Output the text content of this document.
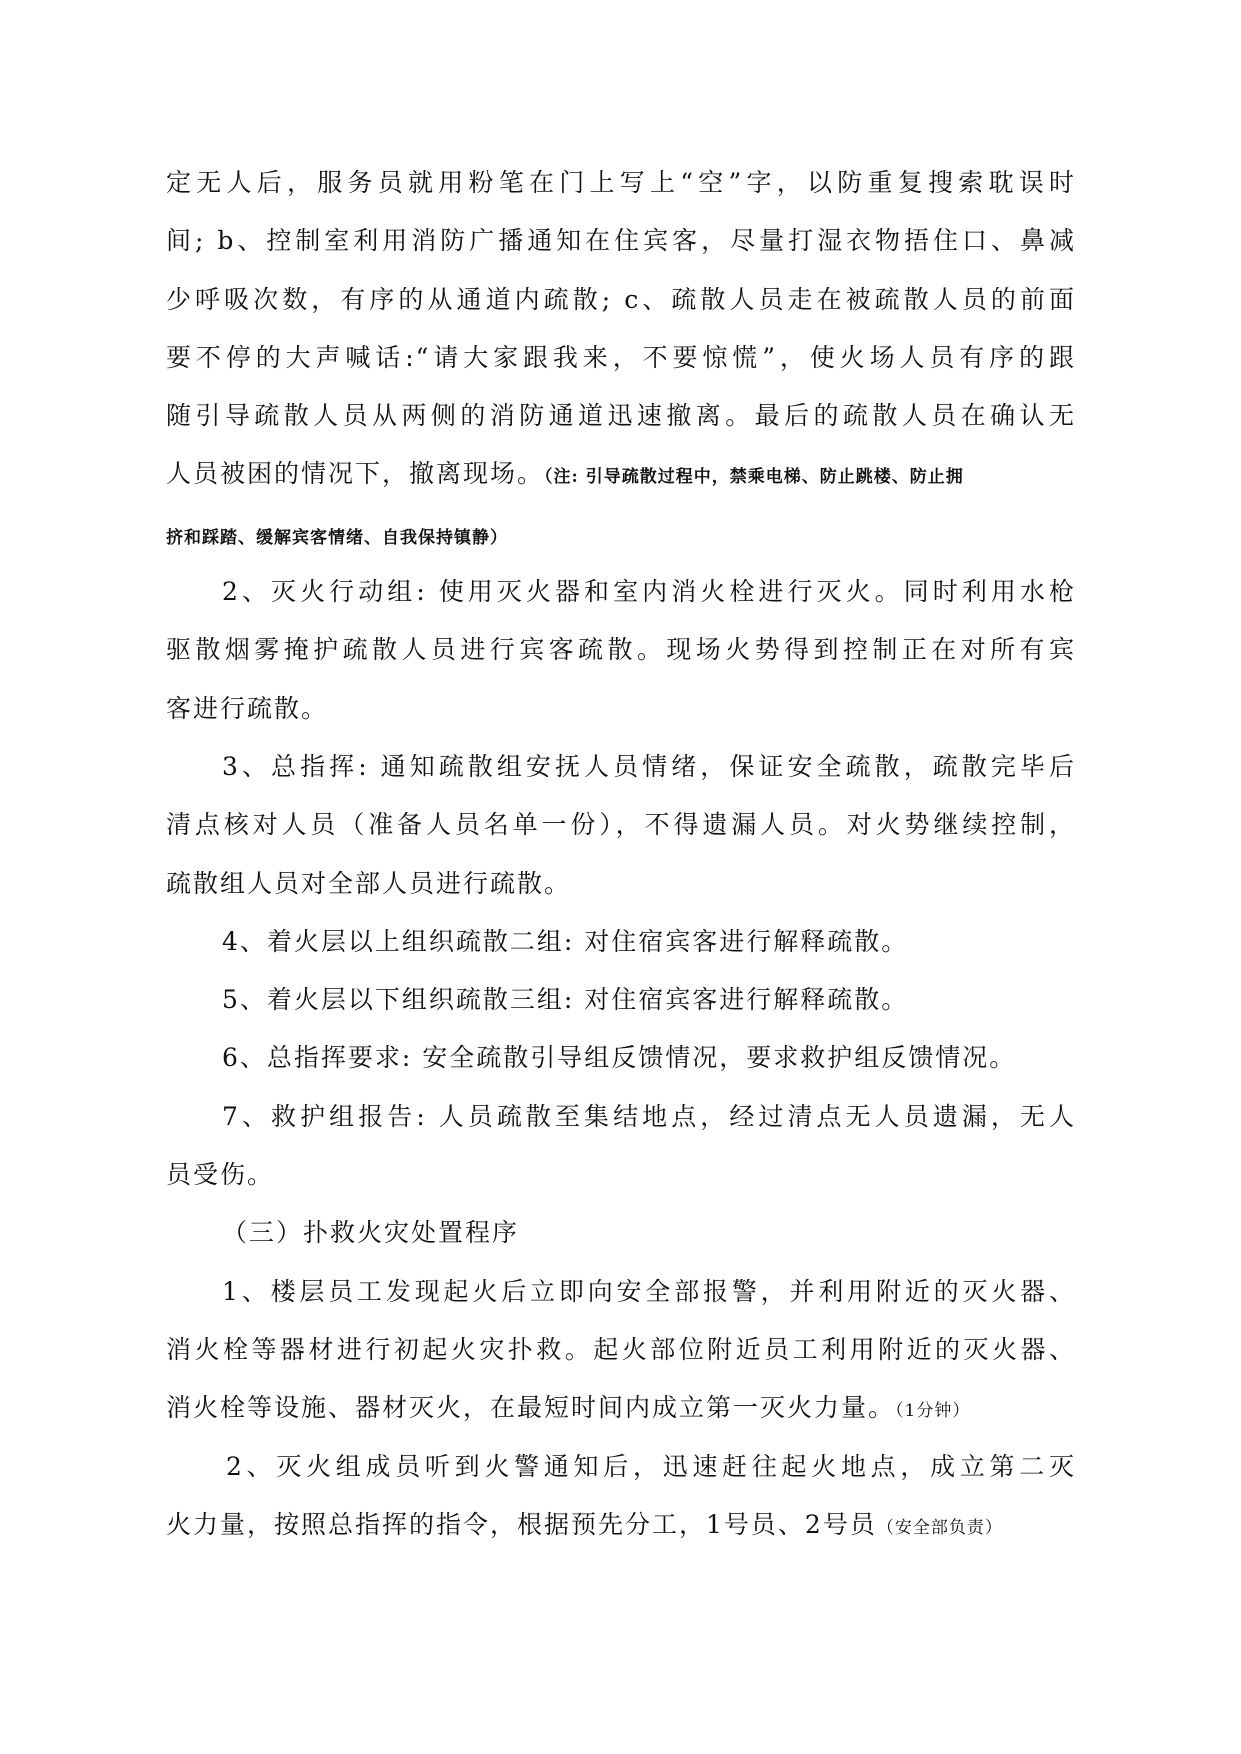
定无人后，服务员就用粉笔在门上写上“空”字，以防重复搜索耽误时
间; b、控制室利用消防广播通知在住宾客，尽量打湿衣物捂住口、鼻减
少呼吸次数，有序的从通道内疏散; c、疏散人员走在被疏散人员的前面
要不停的大声喊话:“请大家跟我来，不要惊慌”，使火场人员有序的跟
随引导疏散人员从两侧的消防通道迅速撤离。最后的疏散人员在确认无
人员被困的情况下，撤离现场。（注: 引导疏散过程中，禁乘电梯、防止跳楼、防止拥
挤和踩踏、缓解宾客情绪、自我保持镇静）
2、灭火行动组: 使用灭火器和室内消火栓进行灭火。同时利用水枪
驱散烟雾掩护疏散人员进行宾客疏散。现场火势得到控制正在对所有宾
客进行疏散。
3、总指挥: 通知疏散组安抚人员情绪，保证安全疏散，疏散完毕后
清点核对人员（准备人员名单一份），不得遗漏人员。对火势继续控制，
疏散组人员对全部人员进行疏散。
4、着火层以上组织疏散二组: 对住宿宾客进行解释疏散。
5、着火层以下组织疏散三组: 对住宿宾客进行解释疏散。
6、总指挥要求: 安全疏散引导组反馈情况，要求救护组反馈情况。
7、救护组报告: 人员疏散至集结地点，经过清点无人员遗漏，无人
员受伤。
（三）扑救火灾处置程序
1、楼层员工发现起火后立即向安全部报警，并利用附近的灭火器、
消火栓等器材进行初起火灾扑救。起火部位附近员工利用附近的灭火器、
消火栓等设施、器材灭火，在最短时间内成立第一灭火力量。（1分钟）
2、灭火组成员听到火警通知后，迅速赶往起火地点，成立第二灭
火力量，按照总指挥的指令，根据预先分工，1号员、2号员（安全部负责）
